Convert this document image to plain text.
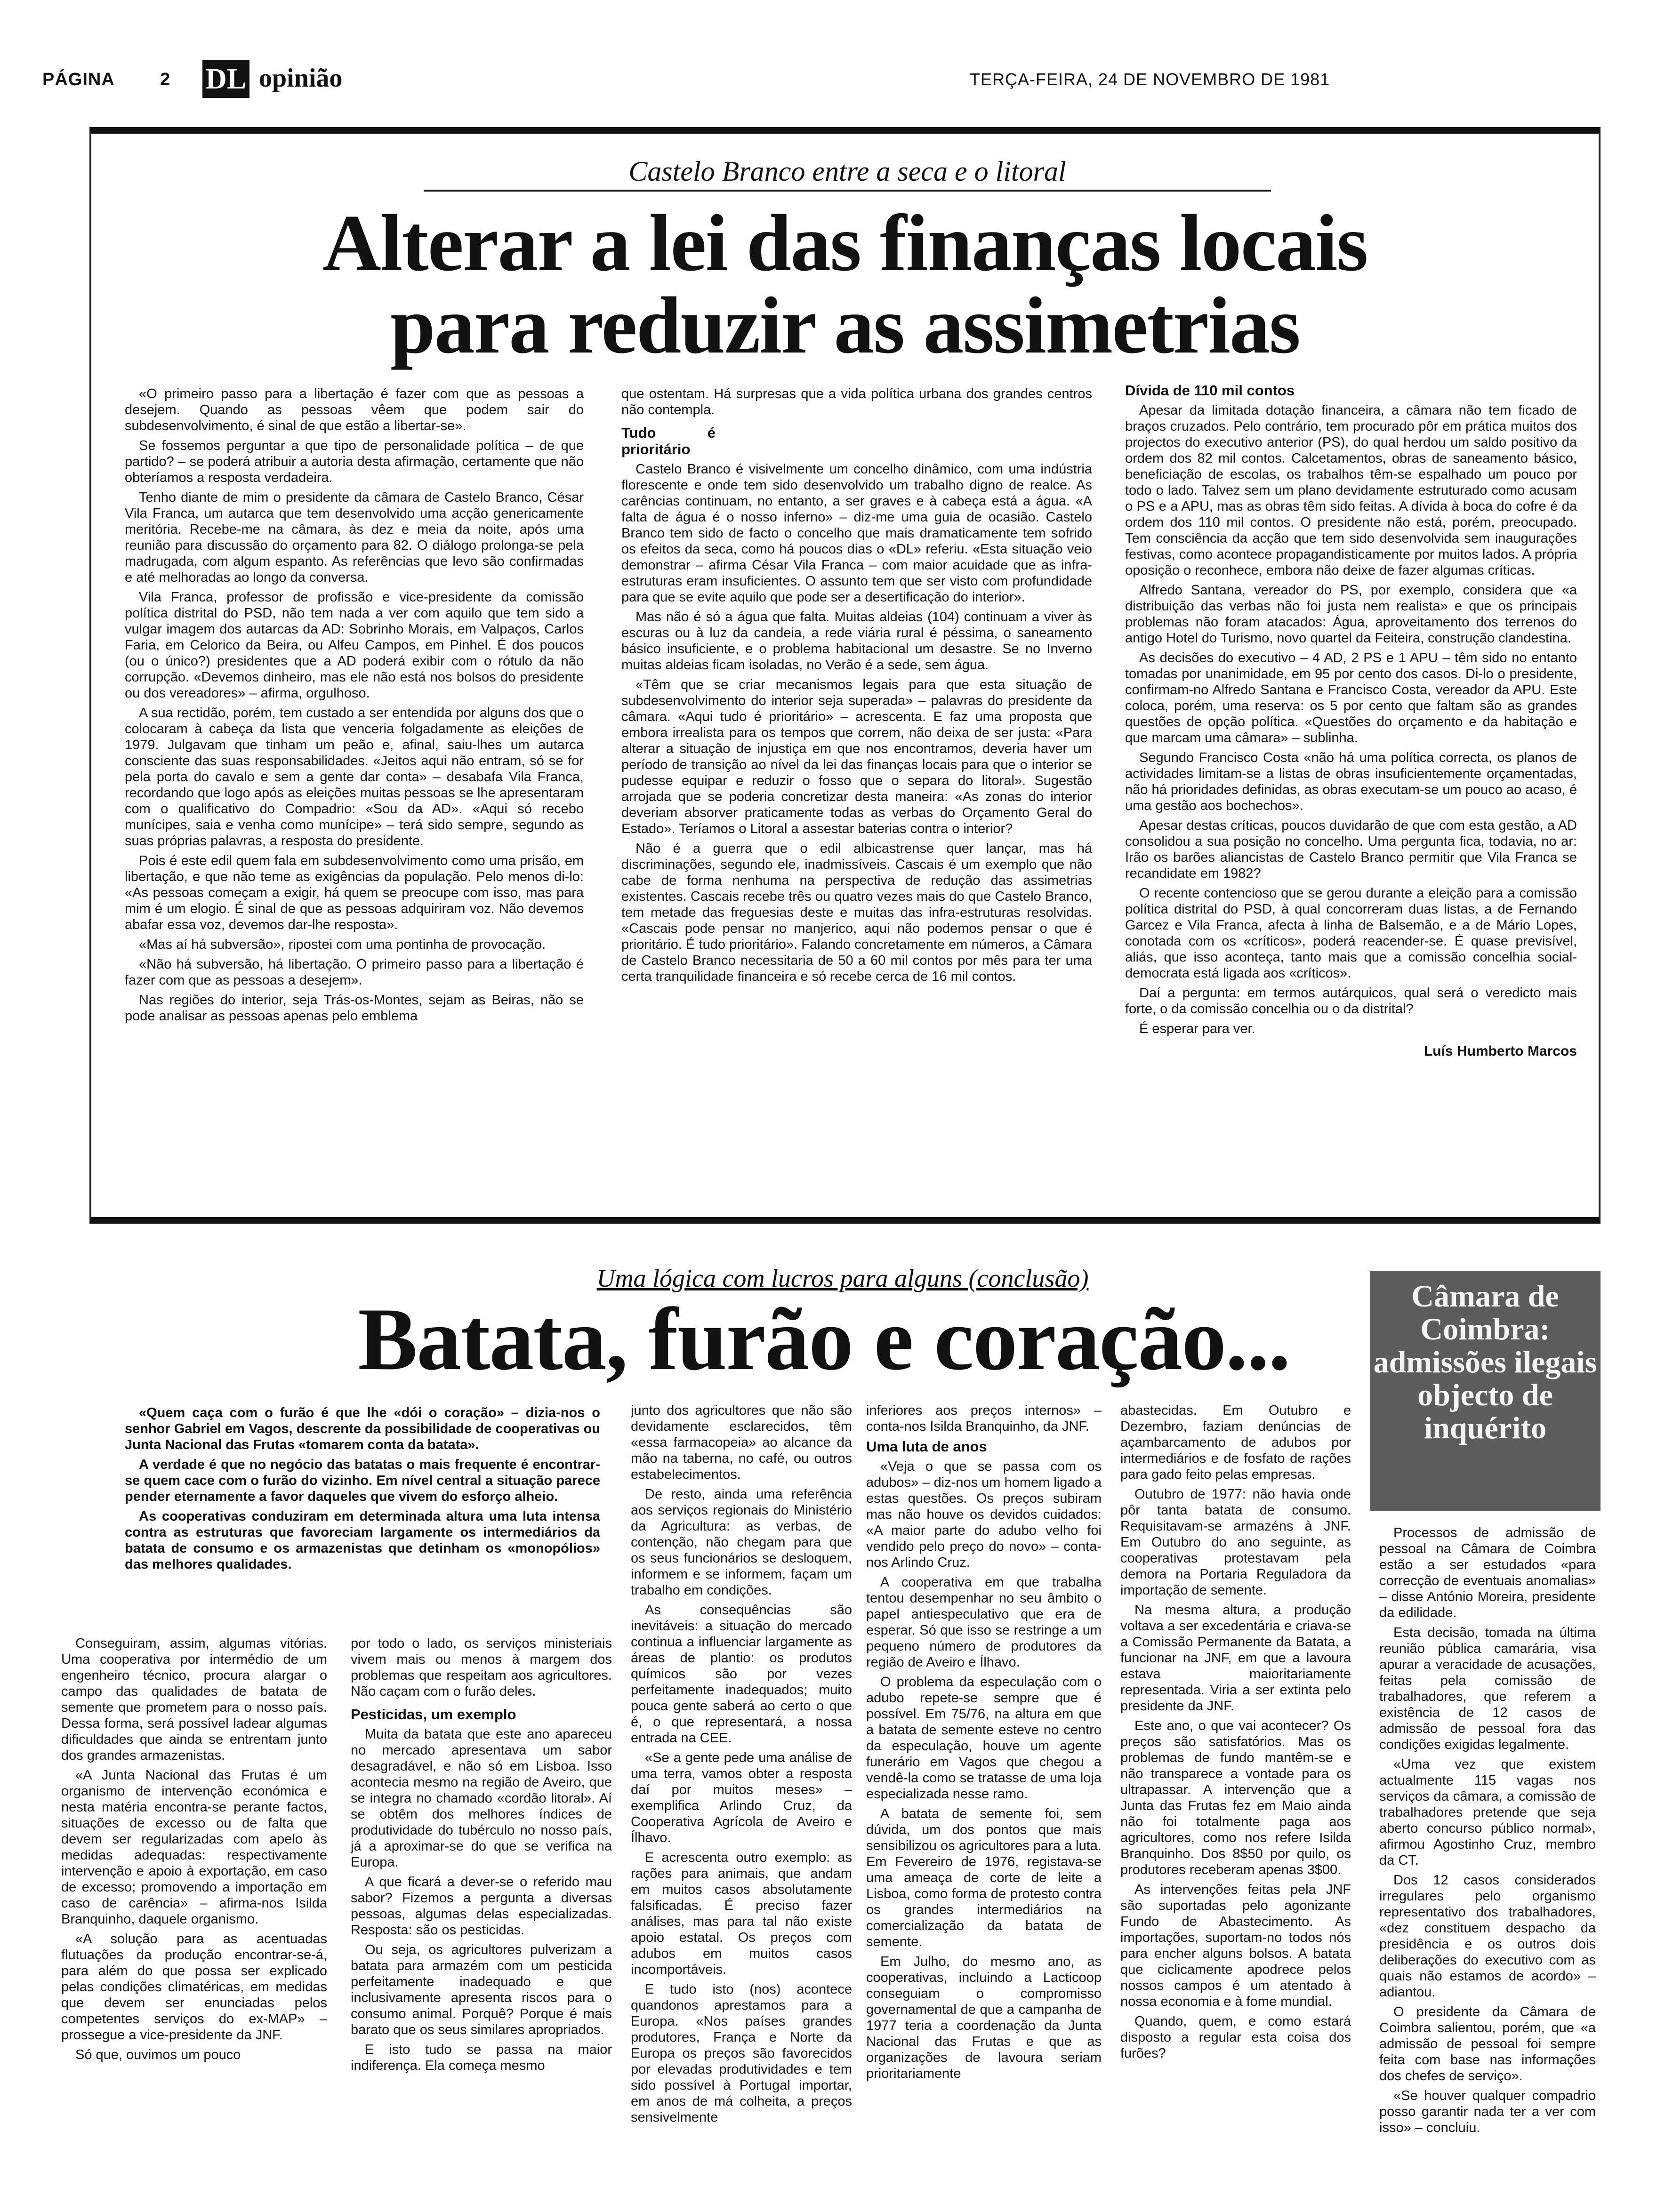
PÁGINA	2 DL opinião	TERÇA-FEIRA, 24 DE NOVEMBRO DE 1981
Castelo Branco entre a seca e o litoral
Alterar a lei das finanças locais
para reduzir as assimetrias

«O primeiro passo para a libertação é fazer com que as pessoas a desejem. Quando as pessoas vêem que podem sair do subdesenvolvimento, é sinal de que estão a libertar-se».

Se fossemos perguntar a que tipo de personalidade política – de que partido? – se poderá atribuir a autoria desta afirmação, certamente que não obteríamos a resposta verdadeira.

Tenho diante de mim o presidente da câmara de Castelo Branco, César Vila Franca, um autarca que tem desenvolvido uma acção genericamente meritória. Recebe-me na câmara, às dez e meia da noite, após uma reunião para discussão do orçamento para 82. O diálogo prolonga-se pela madrugada, com algum espanto. As referências que levo são confirmadas e até melhoradas ao longo da conversa.

Vila Franca, professor de profissão e vice-presidente da comissão política distrital do PSD, não tem nada a ver com aquilo que tem sido a vulgar imagem dos autarcas da AD: Sobrinho Morais, em Valpaços, Carlos Faria, em Celorico da Beira, ou Alfeu Campos, em Pinhel. É dos poucos (ou o único?) presidentes que a AD poderá exibir com o rótulo da não corrupção. «Devemos dinheiro, mas ele não está nos bolsos do presidente ou dos vereadores» – afirma, orgulhoso.

A sua rectidão, porém, tem custado a ser entendida por alguns dos que o colocaram à cabeça da lista que venceria folgadamente as eleições de 1979. Julgavam que tinham um peão e, afinal, saiu-lhes um autarca consciente das suas responsabilidades. «Jeitos aqui não entram, só se for pela porta do cavalo e sem a gente dar conta» – desabafa Vila Franca, recordando que logo após as eleições muitas pessoas se lhe apresentaram com o qualificativo do Compadrio: «Sou da AD». «Aqui só recebo munícipes, saia e venha como munícipe» – terá sido sempre, segundo as suas próprias palavras, a resposta do presidente.

Pois é este edil quem fala em subdesenvolvimento como uma prisão, em libertação, e que não teme as exigências da população. Pelo menos di-lo: «As pessoas começam a exigir, há quem se preocupe com isso, mas para mim é um elogio. É sinal de que as pessoas adquiriram voz. Não devemos abafar essa voz, devemos dar-lhe resposta».

«Mas aí há subversão», ripostei com uma pontinha de provocação.

«Não há subversão, há libertação. O primeiro passo para a libertação é fazer com que as pessoas a desejem».

Nas regiões do interior, seja Trás-os-Montes, sejam as Beiras, não se pode analisar as pessoas apenas pelo emblema

que ostentam. Há surpresas que a vida política urbana dos grandes centros não contempla.

Tudo é prioritário

Castelo Branco é visivelmente um concelho dinâmico, com uma indústria florescente e onde tem sido desenvolvido um trabalho digno de realce. As carências continuam, no entanto, a ser graves e à cabeça está a água. «A falta de água é o nosso inferno» – diz-me uma guia de ocasião. Castelo Branco tem sido de facto o concelho que mais dramaticamente tem sofrido os efeitos da seca, como há poucos dias o «DL» referiu. «Esta situação veio demonstrar – afirma César Vila Franca – com maior acuidade que as infra-estruturas eram insuficientes. O assunto tem que ser visto com profundidade para que se evite aquilo que pode ser a desertificação do interior».

Mas não é só a água que falta. Muitas aldeias (104) continuam a viver às escuras ou à luz da candeia, a rede viária rural é péssima, o saneamento básico insuficiente, e o problema habitacional um desastre. Se no Inverno muitas aldeias ficam isoladas, no Verão é a sede, sem água.

«Têm que se criar mecanismos legais para que esta situação de subdesenvolvimento do interior seja superada» – palavras do presidente da câmara. «Aqui tudo é prioritário» – acrescenta. E faz uma proposta que embora irrealista para os tempos que correm, não deixa de ser justa: «Para alterar a situação de injustiça em que nos encontramos, deveria haver um período de transição ao nível da lei das finanças locais para que o interior se pudesse equipar e reduzir o fosso que o separa do litoral». Sugestão arrojada que se poderia concretizar desta maneira: «As zonas do interior deveriam absorver praticamente todas as verbas do Orçamento Geral do Estado». Teríamos o Litoral a assestar baterias contra o interior?

Não é a guerra que o edil albicastrense quer lançar, mas há discriminações, segundo ele, inadmissíveis. Cascais é um exemplo que não cabe de forma nenhuma na perspectiva de redução das assimetrias existentes. Cascais recebe três ou quatro vezes mais do que Castelo Branco, tem metade das freguesias deste e muitas das infra-estruturas resolvidas. «Cascais pode pensar no manjerico, aqui não podemos pensar o que é prioritário. É tudo prioritário». Falando concretamente em números, a Câmara de Castelo Branco necessitaria de 50 a 60 mil contos por mês para ter uma certa tranquilidade financeira e só recebe cerca de 16 mil contos.

Dívida de 110 mil contos

Apesar da limitada dotação financeira, a câmara não tem ficado de braços cruzados. Pelo contrário, tem procurado pôr em prática muitos dos projectos do executivo anterior (PS), do qual herdou um saldo positivo da ordem dos 82 mil contos. Calcetamentos, obras de saneamento básico, beneficiação de escolas, os trabalhos têm-se espalhado um pouco por todo o lado. Talvez sem um plano devidamente estruturado como acusam o PS e a APU, mas as obras têm sido feitas. A dívida à boca do cofre é da ordem dos 110 mil contos. O presidente não está, porém, preocupado. Tem consciência da acção que tem sido desenvolvida sem inaugurações festivas, como acontece propagandisticamente por muitos lados. A própria oposição o reconhece, embora não deixe de fazer algumas críticas.

Alfredo Santana, vereador do PS, por exemplo, considera que «a distribuição das verbas não foi justa nem realista» e que os principais problemas não foram atacados: Água, aproveitamento dos terrenos do antigo Hotel do Turismo, novo quartel da Feiteira, construção clandestina.

As decisões do executivo – 4 AD, 2 PS e 1 APU – têm sido no entanto tomadas por unanimidade, em 95 por cento dos casos. Di-lo o presidente, confirmam-no Alfredo Santana e Francisco Costa, vereador da APU. Este coloca, porém, uma reserva: os 5 por cento que faltam são as grandes questões de opção política. «Questões do orçamento e da habitação e que marcam uma câmara» – sublinha.

Segundo Francisco Costa «não há uma política correcta, os planos de actividades limitam-se a listas de obras insuficientemente orçamentadas, não há prioridades definidas, as obras executam-se um pouco ao acaso, é uma gestão aos bochechos».

Apesar destas críticas, poucos duvidarão de que com esta gestão, a AD consolidou a sua posição no concelho. Uma pergunta fica, todavia, no ar: Irão os barões aliancistas de Castelo Branco permitir que Vila Franca se recandidate em 1982?

O recente contencioso que se gerou durante a eleição para a comissão política distrital do PSD, à qual concorreram duas listas, a de Fernando Garcez e Vila Franca, afecta à linha de Balsemão, e a de Mário Lopes, conotada com os «críticos», poderá reacender-se. É quase previsível, aliás, que isso aconteça, tanto mais que a comissão concelhia social-democrata está ligada aos «críticos».

Daí a pergunta: em termos autárquicos, qual será o veredicto mais forte, o da comissão concelhia ou o da distrital?

É esperar para ver.

Luís Humberto Marcos
Uma lógica com lucros para alguns (conclusão)
Batata, furão e coração...

«Quem caça com o furão é que lhe «dói o coração» – dizia-nos o senhor Gabriel em Vagos, descrente da possibilidade de cooperativas ou Junta Nacional das Frutas «tomarem conta da batata».

A verdade é que no negócio das batatas o mais frequente é encontrar-se quem cace com o furão do vizinho. Em nível central a situação parece pender eternamente a favor daqueles que vivem do esforço alheio.

As cooperativas conduziram em determinada altura uma luta intensa contra as estruturas que favoreciam largamente os intermediários da batata de consumo e os armazenistas que detinham os «monopólios» das melhores qualidades.

Conseguiram, assim, algumas vitórias. Uma cooperativa por intermédio de um engenheiro técnico, procura alargar o campo das qualidades de batata de semente que prometem para o nosso país. Dessa forma, será possível ladear algumas dificuldades que ainda se entrentam junto dos grandes armazenistas.

«A Junta Nacional das Frutas é um organismo de intervenção económica e nesta matéria encontra-se perante factos, situações de excesso ou de falta que devem ser regularizadas com apelo às medidas adequadas: respectivamente intervenção e apoio à exportação, em caso de excesso; promovendo a importação em caso de carência» – afirma-nos Isilda Branquinho, daquele organismo.

«A solução para as acentuadas flutuações da produção encontrar-se-á, para além do que possa ser explicado pelas condições climatéricas, em medidas que devem ser enunciadas pelos competentes serviços do ex-MAP» – prossegue a vice-presidente da JNF.

Só que, ouvimos um pouco

por todo o lado, os serviços ministeriais vivem mais ou menos à margem dos problemas que respeitam aos agricultores. Não caçam com o furão deles.

Pesticidas, um exemplo

Muita da batata que este ano apareceu no mercado apresentava um sabor desagradável, e não só em Lisboa. Isso acontecia mesmo na região de Aveiro, que se integra no chamado «cordão litoral». Aí se obtêm dos melhores índices de produtividade do tubérculo no nosso país, já a aproximar-se do que se verifica na Europa.

A que ficará a dever-se o referido mau sabor? Fizemos a pergunta a diversas pessoas, algumas delas especializadas. Resposta: são os pesticidas.

Ou seja, os agricultores pulverizam a batata para armazém com um pesticida perfeitamente inadequado e que inclusivamente apresenta riscos para o consumo animal. Porquê? Porque é mais barato que os seus similares apropriados.

E isto tudo se passa na maior indiferença. Ela começa mesmo

junto dos agricultores que não são devidamente esclarecidos, têm «essa farmacopeia» ao alcance da mão na taberna, no café, ou outros estabelecimentos.

De resto, ainda uma referência aos serviços regionais do Ministério da Agricultura: as verbas, de contenção, não chegam para que os seus funcionários se desloquem, informem e se informem, façam um trabalho em condições.

As consequências são inevitáveis: a situação do mercado continua a influenciar largamente as áreas de plantio: os produtos químicos são por vezes perfeitamente inadequados; muito pouca gente saberá ao certo o que é, o que representará, a nossa entrada na CEE.

«Se a gente pede uma análise de uma terra, vamos obter a resposta daí por muitos meses» – exemplifica Arlindo Cruz, da Cooperativa Agrícola de Aveiro e Ílhavo.

E acrescenta outro exemplo: as rações para animais, que andam em muitos casos absolutamente falsificadas. É preciso fazer análises, mas para tal não existe apoio estatal. Os preços com adubos em muitos casos incomportáveis.

E tudo isto (nos) acontece quandonos aprestamos para a Europa. «Nos países grandes produtores, França e Norte da Europa os preços são favorecidos por elevadas produtividades e tem sido possível à Portugal importar, em anos de má colheita, a preços sensivelmente

inferiores aos preços internos» – conta-nos Isilda Branquinho, da JNF.

Uma luta de anos

«Veja o que se passa com os adubos» – diz-nos um homem ligado a estas questões. Os preços subiram mas não houve os devidos cuidados: «A maior parte do adubo velho foi vendido pelo preço do novo» – conta-nos Arlindo Cruz.

A cooperativa em que trabalha tentou desempenhar no seu âmbito o papel antiespeculativo que era de esperar. Só que isso se restringe a um pequeno número de produtores da região de Aveiro e Ílhavo.

O problema da especulação com o adubo repete-se sempre que é possível. Em 75/76, na altura em que a batata de semente esteve no centro da especulação, houve um agente funerário em Vagos que chegou a vendê-la como se tratasse de uma loja especializada nesse ramo.

A batata de semente foi, sem dúvida, um dos pontos que mais sensibilizou os agricultores para a luta. Em Fevereiro de 1976, registava-se uma ameaça de corte de leite a Lisboa, como forma de protesto contra os grandes intermediários na comercialização da batata de semente.

Em Julho, do mesmo ano, as cooperativas, incluindo a Lacticoop conseguiam o compromisso governamental de que a campanha de 1977 teria a coordenação da Junta Nacional das Frutas e que as organizações de lavoura seriam prioritariamente

abastecidas. Em Outubro e Dezembro, faziam denúncias de açambarcamento de adubos por intermediários e de fosfato de rações para gado feito pelas empresas.

Outubro de 1977: não havia onde pôr tanta batata de consumo. Requisitavam-se armazéns à JNF. Em Outubro do ano seguinte, as cooperativas protestavam pela demora na Portaria Reguladora da importação de semente.

Na mesma altura, a produção voltava a ser excedentária e criava-se a Comissão Permanente da Batata, a funcionar na JNF, em que a lavoura estava maioritariamente representada. Viria a ser extinta pelo presidente da JNF.

Este ano, o que vai acontecer? Os preços são satisfatórios. Mas os problemas de fundo mantêm-se e não transparece a vontade para os ultrapassar. A intervenção que a Junta das Frutas fez em Maio ainda não foi totalmente paga aos agricultores, como nos refere Isilda Branquinho. Dos 8$50 por quilo, os produtores receberam apenas 3$00.

As intervenções feitas pela JNF são suportadas pelo agonizante Fundo de Abastecimento. As importações, suportam-no todos nós para encher alguns bolsos. A batata que ciclicamente apodrece pelos nossos campos é um atentado à nossa economia e à fome mundial.

Quando, quem, e como estará disposto a regular esta coisa dos furões?

Câmara de Coimbra: admissões ilegais objecto de inquérito

Processos de admissão de pessoal na Câmara de Coimbra estão a ser estudados «para correcção de eventuais anomalias» – disse António Moreira, presidente da edilidade.

Esta decisão, tomada na última reunião pública camarária, visa apurar a veracidade de acusações, feitas pela comissão de trabalhadores, que referem a existência de 12 casos de admissão de pessoal fora das condições exigidas legalmente.

«Uma vez que existem actualmente 115 vagas nos serviços da câmara, a comissão de trabalhadores pretende que seja aberto concurso público normal», afirmou Agostinho Cruz, membro da CT.

Dos 12 casos considerados irregulares pelo organismo representativo dos trabalhadores, «dez constituem despacho da presidência e os outros dois deliberações do executivo com as quais não estamos de acordo» – adiantou.

O presidente da Câmara de Coimbra salientou, porém, que «a admissão de pessoal foi sempre feita com base nas informações dos chefes de serviço».

«Se houver qualquer compadrio posso garantir nada ter a ver com isso» – concluiu.
